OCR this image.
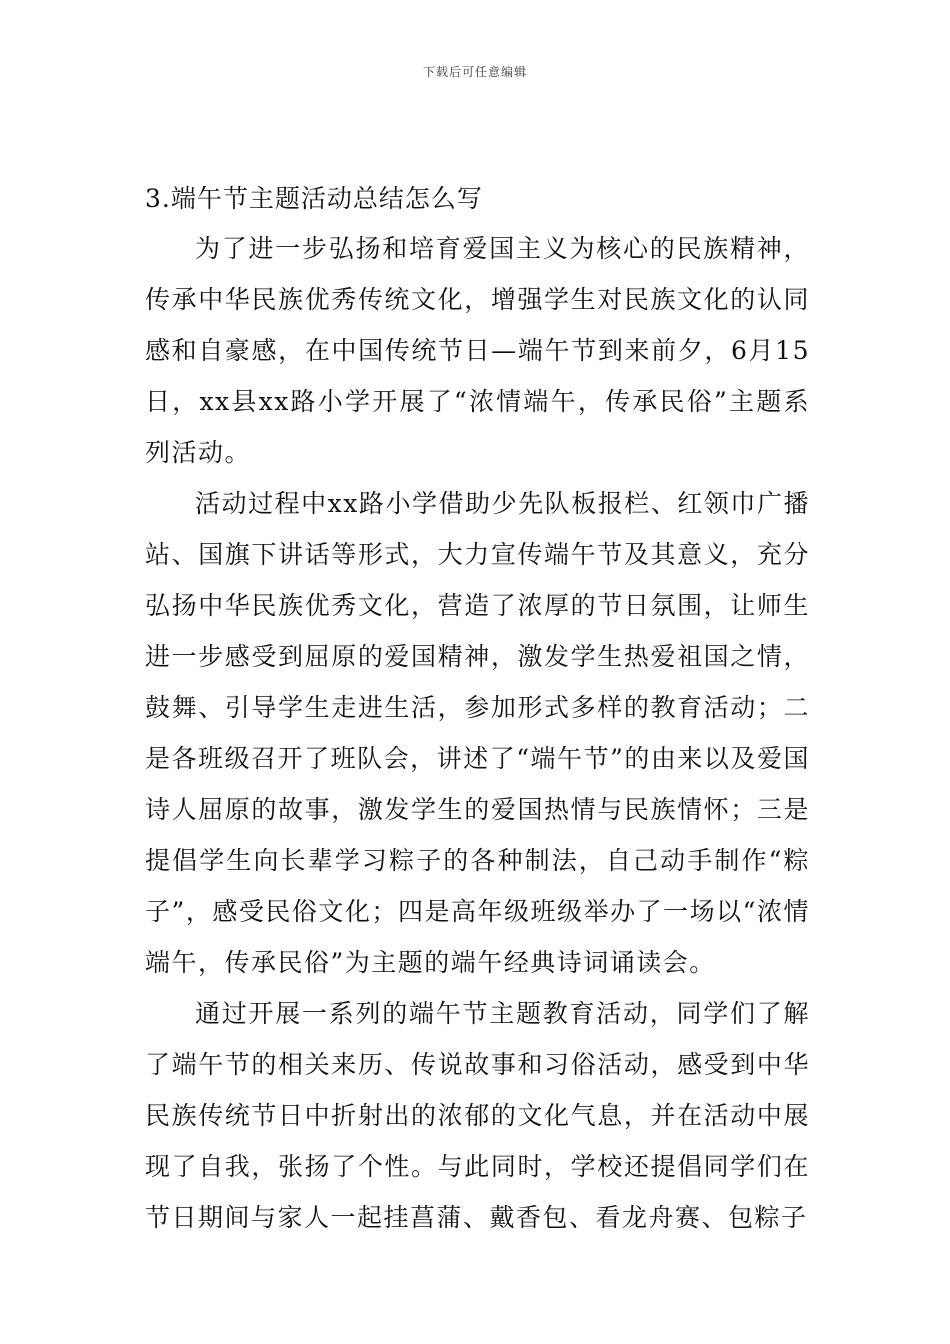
下载后可任意编辑

3.端午节主题活动总结怎么写

为了进一步弘扬和培育爱国主义为核心的民族精神，传承中华民族优秀传统文化，增强学生对民族文化的认同感和自豪感，在中国传统节日—端午节到来前夕，6月15日，xx县xx路小学开展了“浓情端午，传承民俗”主题系列活动。

活动过程中xx路小学借助少先队板报栏、红领巾广播站、国旗下讲话等形式，大力宣传端午节及其意义，充分弘扬中华民族优秀文化，营造了浓厚的节日氛围，让师生进一步感受到屈原的爱国精神，激发学生热爱祖国之情，鼓舞、引导学生走进生活，参加形式多样的教育活动；二是各班级召开了班队会，讲述了“端午节”的由来以及爱国诗人屈原的故事，激发学生的爱国热情与民族情怀；三是提倡学生向长辈学习粽子的各种制法，自己动手制作“粽子”，感受民俗文化；四是高年级班级举办了一场以“浓情端午，传承民俗”为主题的端午经典诗词诵读会。

通过开展一系列的端午节主题教育活动，同学们了解了端午节的相关来历、传说故事和习俗活动，感受到中华民族传统节日中折射出的浓郁的文化气息，并在活动中展现了自我，张扬了个性。与此同时，学校还提倡同学们在节日期间与家人一起挂菖蒲、戴香包、看龙舟赛、包粽子
